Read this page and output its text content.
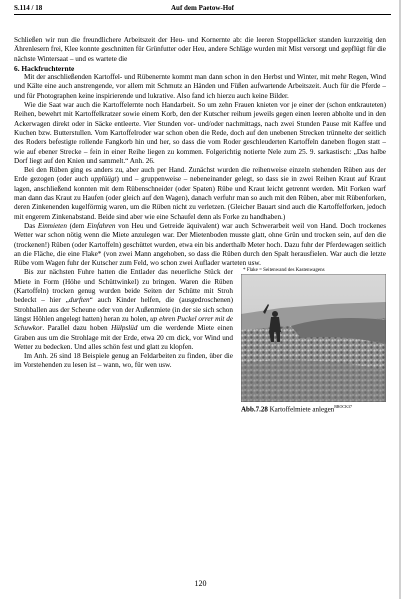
S.114 / 18	Auf dem Paetow-Hof

Schließen wir nun die freundlichere Arbeitszeit der Heu- und Kornernte ab: die leeren Stoppelläcker standen kurzzeitig den Ährenlesern frei, Klee konnte geschnitten für Grünfutter oder Heu, andere Schläge wurden mit Mist versorgt und gepflügt für die nächste Wintersaat – und es wartete die

6. Hackfruchternte

Mit der anschließenden Kartoffel- und Rübenernte kommt man dann schon in den Herbst und Winter, mit mehr Regen, Wind und Kälte eine auch anstrengende, vor allem mit Schmutz an Händen und Füßen aufwartende Arbeitszeit. Auch für die Pferde – und für Photographen keine inspirierende und lukrative. Also fand ich hierzu auch keine Bilder.

Wie die Saat war auch die Kartoffelernte noch Handarbeit. So um zehn Frauen knieten vor je einer der (schon entkrauteten) Reihen, bewehrt mit Kartoffelkratzer sowie einem Korb, den der Kutscher reihum jeweils gegen einen leeren abholte und in den Ackerwagen direkt oder in Säcke entleerte. Vier Stunden vor- und/oder nachmittags, nach zwei Stunden Pause mit Kaffee und Kuchen bzw. Butterstullen. Vom Kartoffelroder war schon oben die Rede, doch auf den unebenen Strecken trünnelte der seitlich des Roders befestigte rollende Fangkorb hin und her, so dass die vom Roder geschleuderten Kartoffeln daneben flogen statt – wie auf ebener Strecke – fein in einer Reihe liegen zu kommen. Folgerichtig notierte Nele zum 25. 9. sarkastisch: „Das halbe Dorf liegt auf den Knien und sammelt.“ Anh. 26.

Bei den Rüben ging es anders zu, aber auch per Hand. Zunächst wurden die reihenweise einzeln stehenden Rüben aus der Erde gezogen (oder auch upplüügt) und – gruppenweise – nebeneinander gelegt, so dass sie in zwei Reihen Kraut auf Kraut lagen, anschließend konnten mit dem Rübenschneider (oder Spaten) Rübe und Kraut leicht getrennt werden. Mit Forken warf man dann das Kraut zu Haufen (oder gleich auf den Wagen), danach verfuhr man so auch mit den Rüben, aber mit Rübenforken, deren Zinkenenden kugelförmig waren, um die Rüben nicht zu verletzen. (Gleicher Bauart sind auch die Kartoffelforken, jedoch mit engerem Zinkenabstand. Beide sind aber wie eine Schaufel denn als Forke zu handhaben.)

Das Einmieten (dem Einfahren von Heu und Getreide äquivalent) war auch Schwerarbeit weil von Hand. Doch trockenes Wetter war schon nötig wenn die Miete anzulegen war. Der Mietenboden musste glatt, ohne Grün und trocken sein, auf den die (trockenen!) Rüben (oder Kartoffeln) geschüttet wurden, etwa ein bis anderthalb Meter hoch. Dazu fuhr der Pferdewagen seitlich an die Fläche, die eine Flake* (von zwei Mann angehoben, so dass die Rüben durch den Spalt herausfielen. War auch die letzte Rübe vom Wagen fuhr der Kutscher zum Feld, wo schon zwei Auflader warteten usw.

* Flake = Seitenwand des Kastenwagens
Abb.7.28 Kartoffelmiete anlegen$^{BROCK37}$

Bis zur nächsten Fuhre hatten die Entlader das neuerliche Stück der Miete in Form (Höhe und Schüttwinkel) zu bringen. Waren die Rüben (Kartoffeln) trocken genug wurden beide Seiten der Schütte mit Stroh bedeckt – hier „durften“ auch Kinder helfen, die (ausgedroschenen) Strohballen aus der Scheune oder von der Außenmiete (in der sie sich schon längst Höhlen angelegt hatten) heran zu holen, up ehren Puckel orrer mit de Schuwkor. Parallel dazu hoben Hülpslüd um die werdende Miete einen Graben aus um die Strohlage mit der Erde, etwa 20 cm dick, vor Wind und Wetter zu bedecken. Und alles schön fest und glatt zu klopfen.

Im Anh. 26 sind 18 Beispiele genug an Feldarbeiten zu finden, über die im Vorstehenden zu lesen ist – wann, wo, für wen usw.

120
